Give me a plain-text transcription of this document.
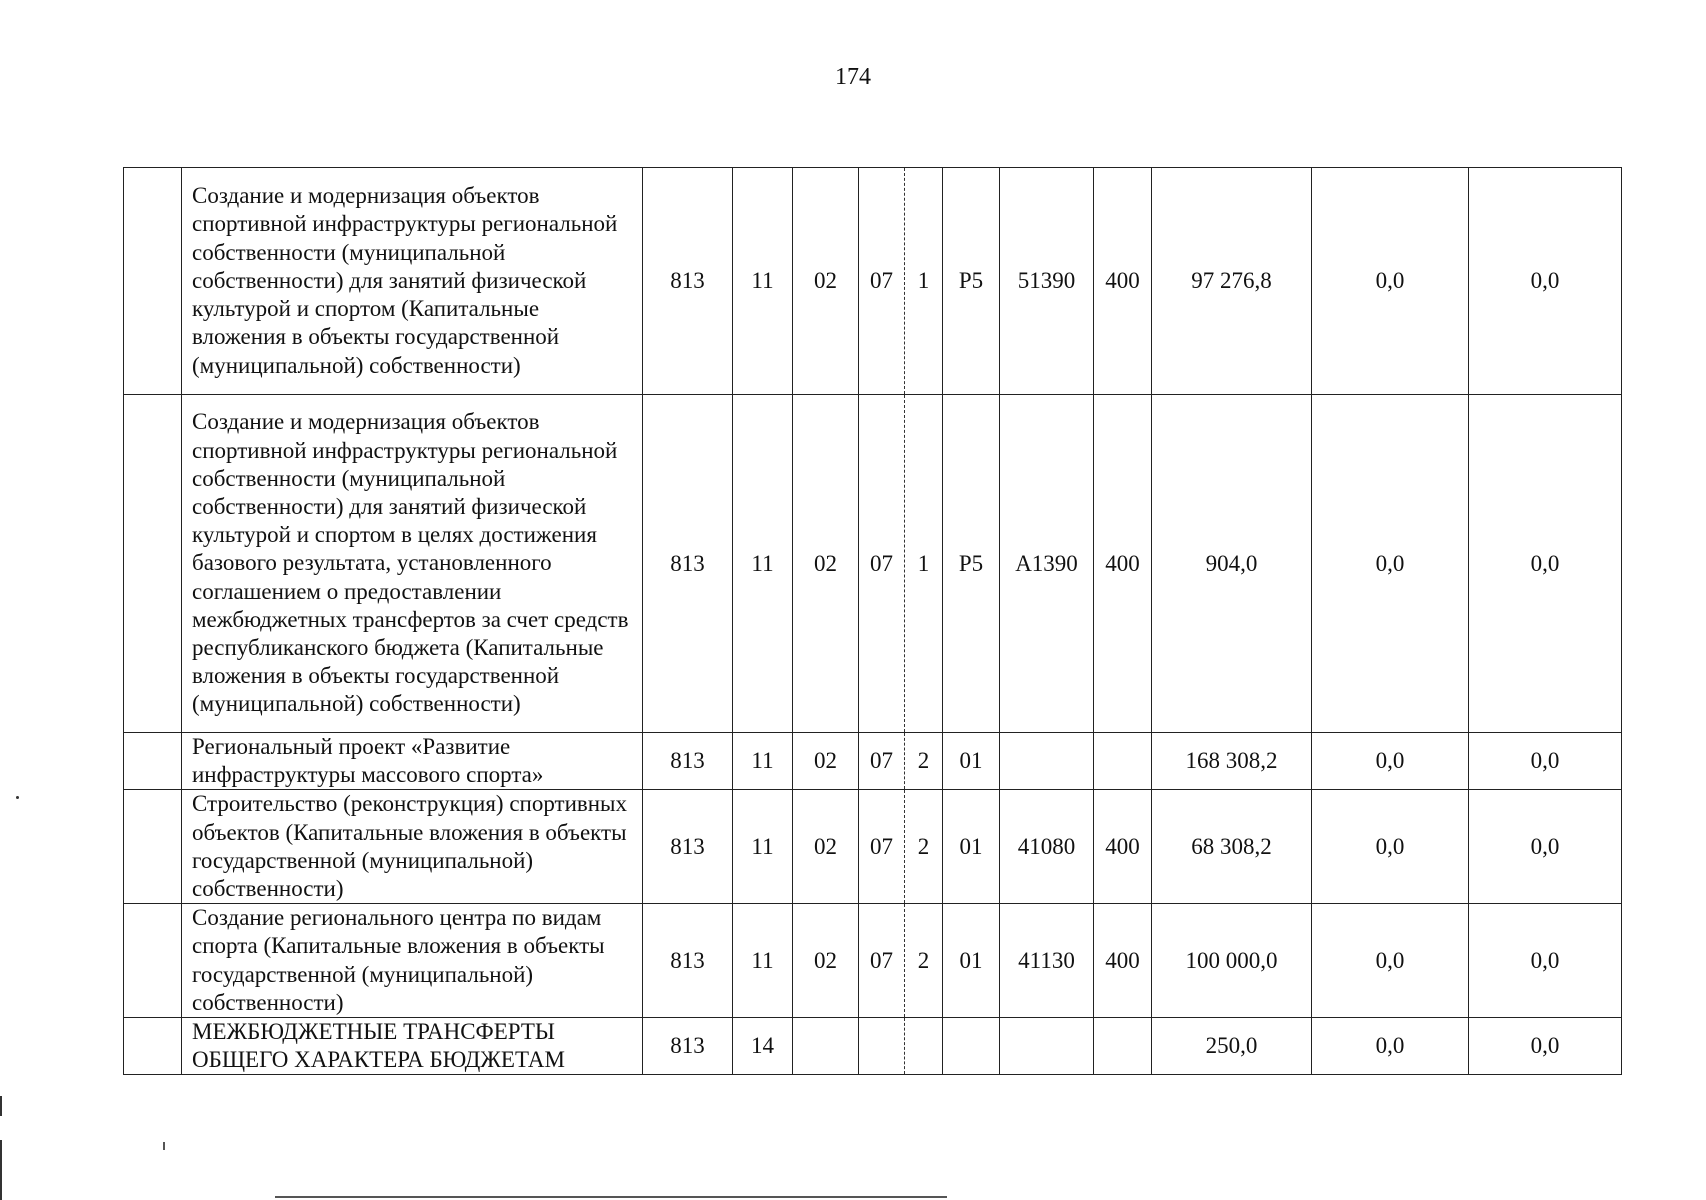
174
	Создание и модернизация объектов спортивной инфраструктуры региональной собственности (муниципальной собственности) для занятий физической культурой и спортом (Капитальные вложения в объекты государственной (муниципальной) собственности)	813	11	02	07	1	P5	51390	400	97 276,8	0,0	0,0
	Создание и модернизация объектов спортивной инфраструктуры региональной собственности (муниципальной собственности) для занятий физической культурой и спортом в целях достижения базового результата, установленного соглашением о предоставлении межбюджетных трансфертов за счет средств республиканского бюджета (Капитальные вложения в объекты государственной (муниципальной) собственности)	813	11	02	07	1	P5	A1390	400	904,0	0,0	0,0
	Региональный проект «Развитие инфраструктуры массового спорта»	813	11	02	07	2	01			168 308,2	0,0	0,0
	Строительство (реконструкция) спортивных объектов (Капитальные вложения в объекты государственной (муниципальной) собственности)	813	11	02	07	2	01	41080	400	68 308,2	0,0	0,0
	Создание регионального центра по видам спорта (Капитальные вложения в объекты государственной (муниципальной) собственности)	813	11	02	07	2	01	41130	400	100 000,0	0,0	0,0
	МЕЖБЮДЖЕТНЫЕ ТРАНСФЕРТЫ ОБЩЕГО ХАРАКТЕРА БЮДЖЕТАМ	813	14							250,0	0,0	0,0
